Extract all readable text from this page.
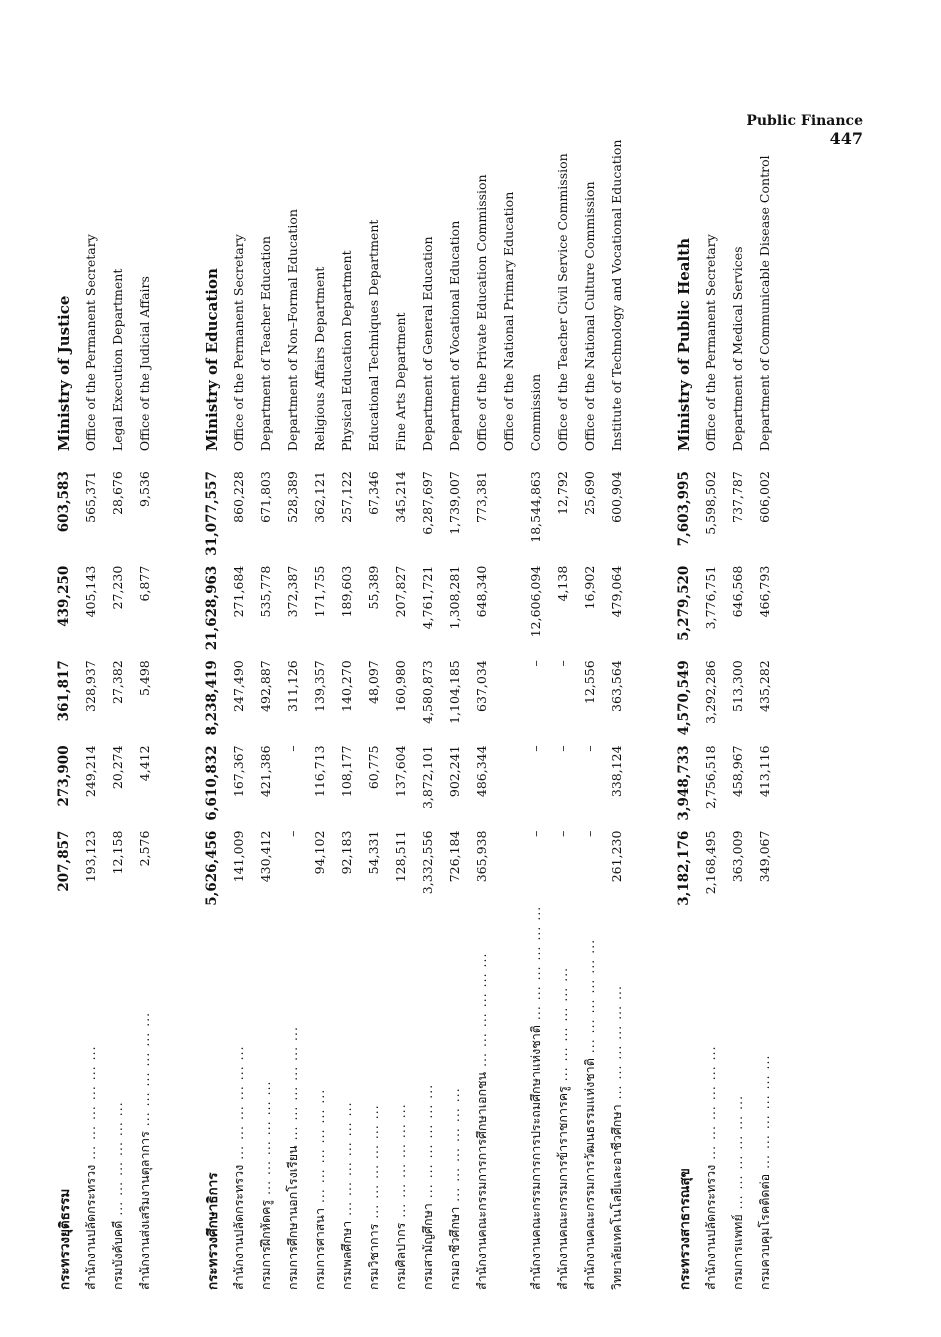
Public Finance
447
กระทรวงยุติธรรม	207,857	273,900	361,817	439,250	603,583	Ministry of Justice
สำนักงานปลัดกระทรวง ... .	193,123	249,214	328,937	405,143	565,371	Office of the Permanent Secretary
กรมบังคับคดี ... .	12,158	20,274	27,382	27,230	28,676	Legal Execution Department
สำนักงานส่งเสริมงานตุลาการ ... .	2,576	4,412	5,498	6,877	9,536	Office of the Judicial Affairs

กระทรวงศึกษาธิการ	5,626,456	6,610,832	8,238,419	21,628,963	31,077,557	Ministry of Education
สำนักงานปลัดกระทรวง ... .	141,009	167,367	247,490	271,684	860,228	Office of the Permanent Secretary
กรมการฝึกหัดครู ... .	430,412	421,386	492,887	535,778	671,803	Department of Teacher Education
กรมการศึกษานอกโรงเรียน ... .	–	–	311,126	372,387	528,389	Department of Non–Formal Education
กรมการศาสนา ... .	94,102	116,713	139,357	171,755	362,121	Religious Affairs Department
กรมพลศึกษา ... .	92,183	108,177	140,270	189,603	257,122	Physical Education Department
กรมวิชาการ ... .	54,331	60,775	48,097	55,389	67,346	Educational Techniques Department
กรมศิลปากร ... .	128,511	137,604	160,980	207,827	345,214	Fine Arts Department
กรมสามัญศึกษา ... .	3,332,556	3,872,101	4,580,873	4,761,721	6,287,697	Department of General Education
กรมอาชีวศึกษา ... .	726,184	902,241	1,104,185	1,308,281	1,739,007	Department of Vocational Education
สำนักงานคณะกรรมการการศึกษาเอกชน ... .	365,938	486,344	637,034	648,340	773,381	Office of the Private Education Commission
						Office of the National Primary Education
สำนักงานคณะกรรมการการประถมศึกษาแห่งชาติ ... .	–	–	–	12,606,094	18,544,863	Commission
สำนักงานคณะกรรมการข้าราชการครู ... .	–	–	–	4,138	12,792	Office of the Teacher Civil Service Commission
สำนักงานคณะกรรมการวัฒนธรรมแห่งชาติ ... .	–	–	12,556	16,902	25,690	Office of the National Culture Commission
วิทยาลัยเทคโนโลยีและอาชีวศึกษา ... .	261,230	338,124	363,564	479,064	600,904	Institute of Technology and Vocational Education

กระทรวงสาธารณสุข	3,182,176	3,948,733	4,570,549	5,279,520	7,603,995	Ministry of Public Health
สำนักงานปลัดกระทรวง ... .	2,168,495	2,756,518	3,292,286	3,776,751	5,598,502	Office of the Permanent Secretary
กรมการแพทย์ ... .	363,009	458,967	513,300	646,568	737,787	Department of Medical Services
กรมควบคุมโรคติดต่อ ... .	349,067	413,116	435,282	466,793	606,002	Department of Communicable Disease Control
